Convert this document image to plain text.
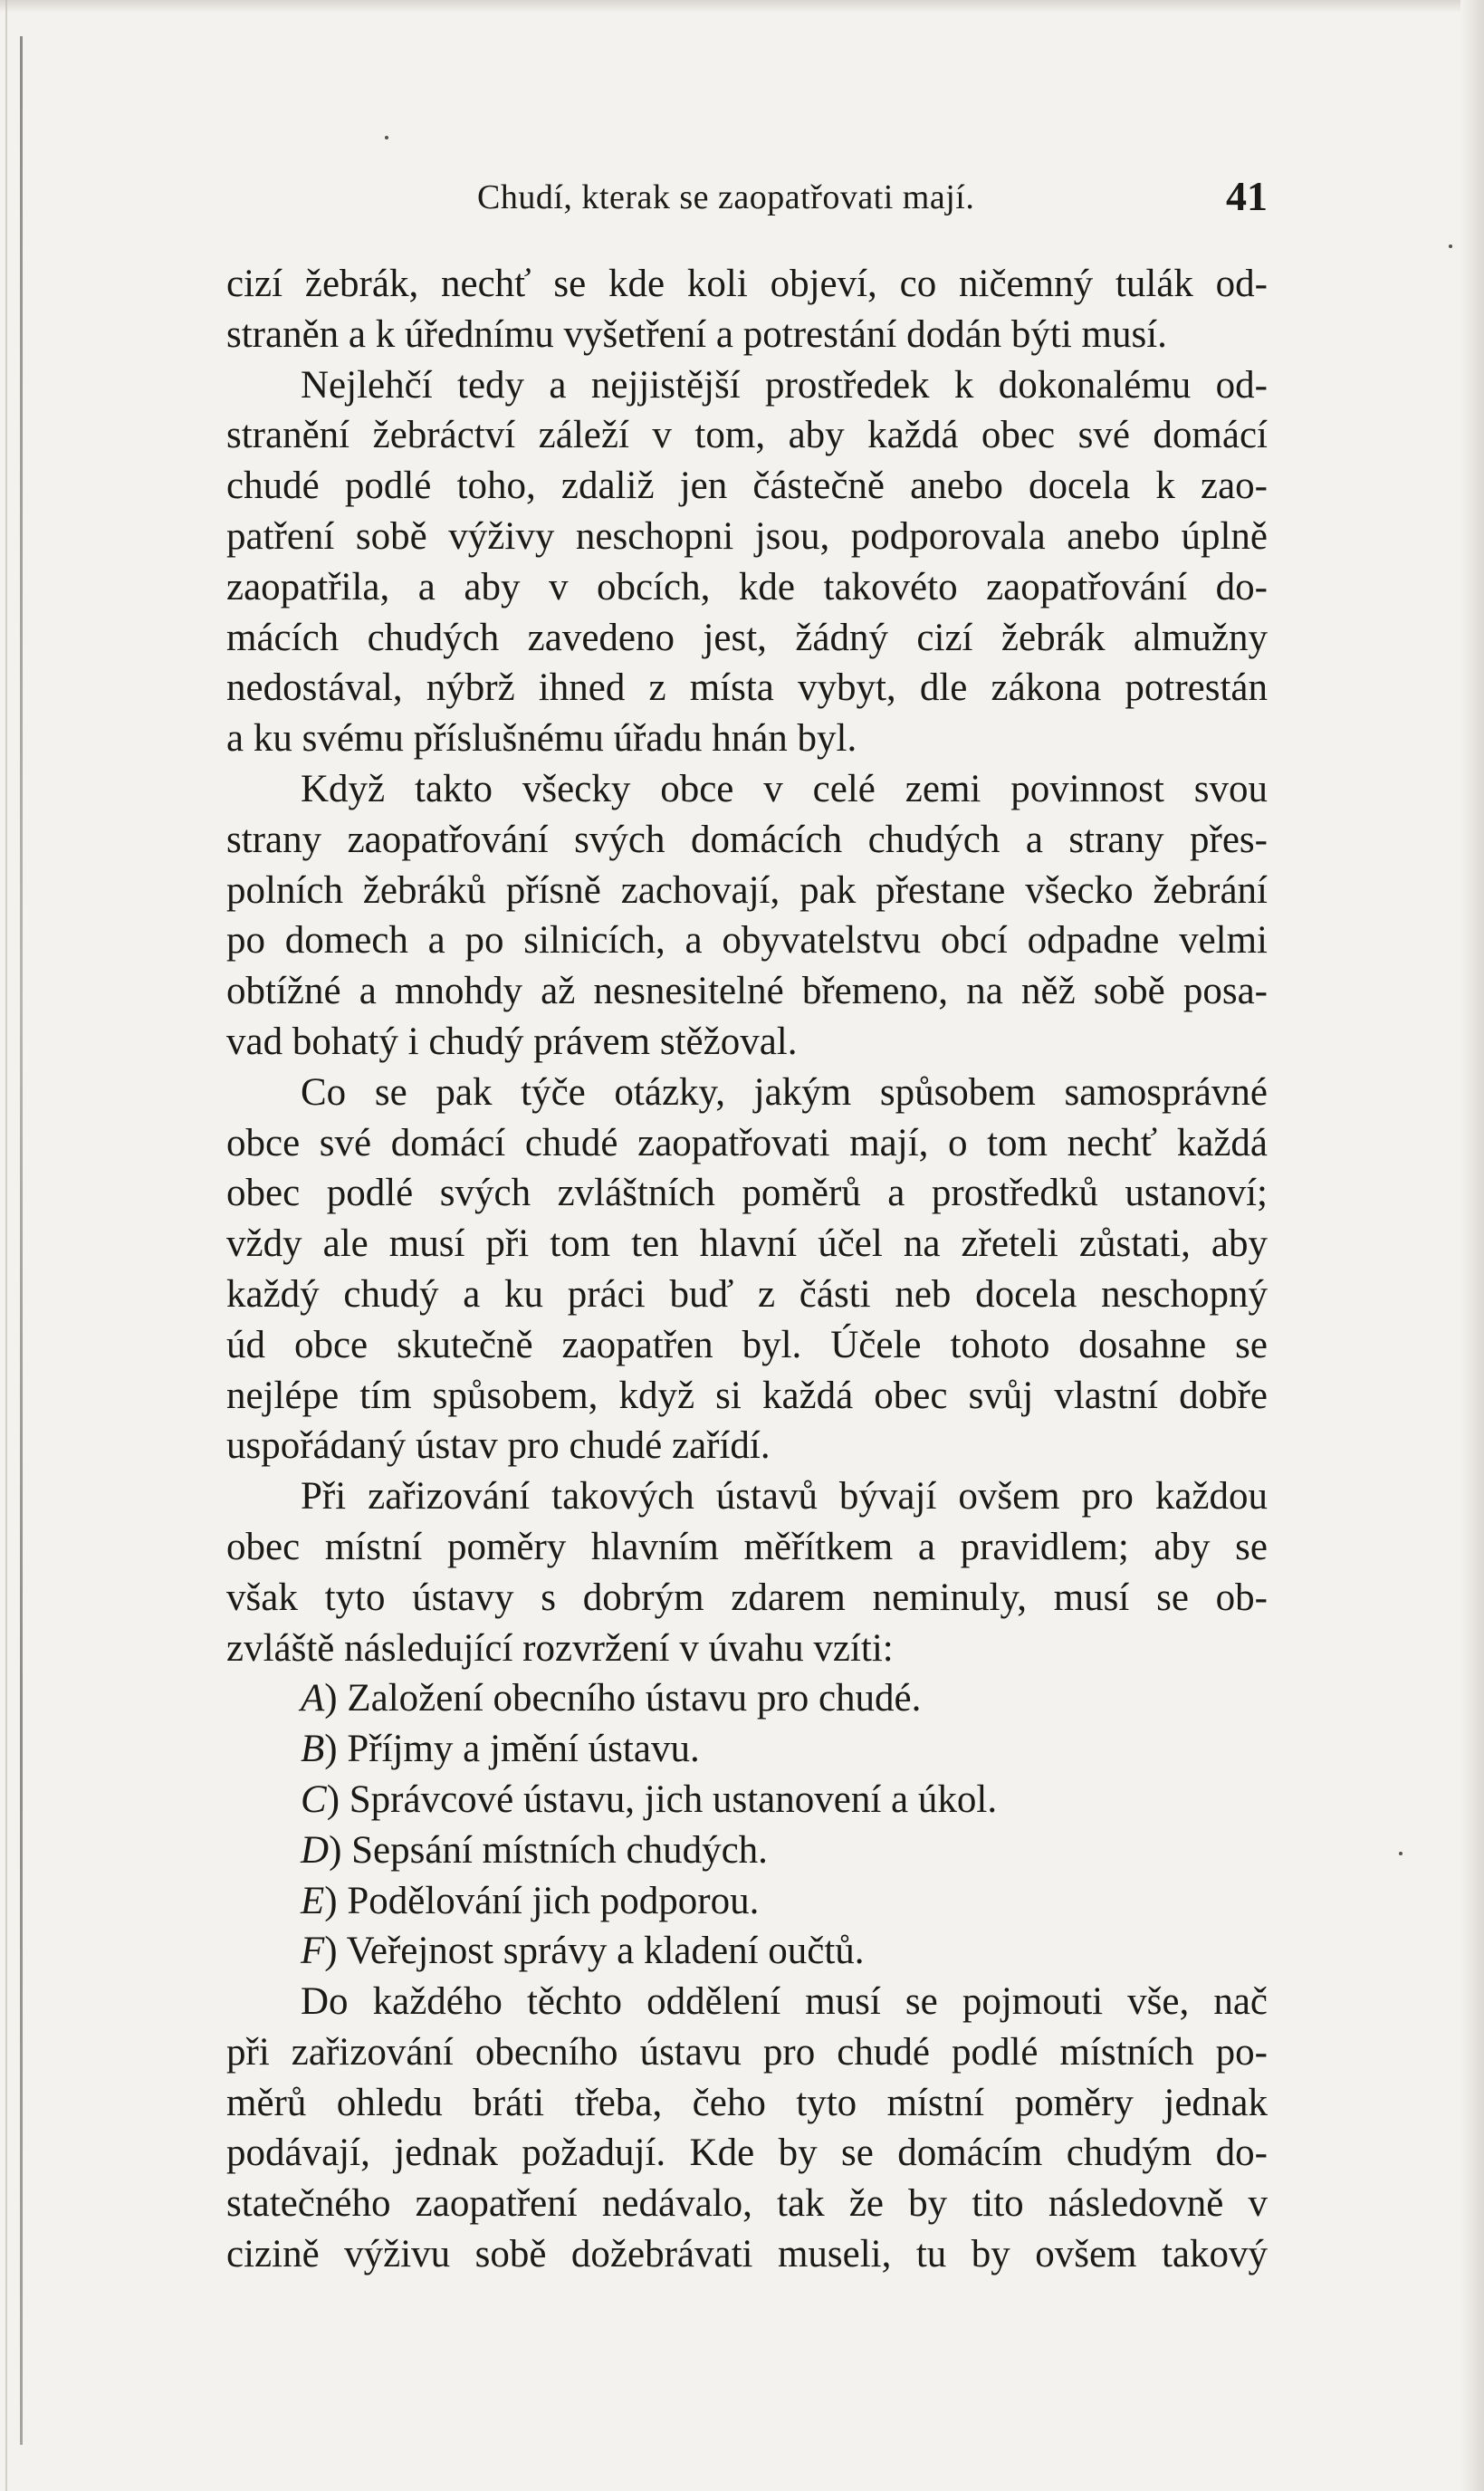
Chudí, kterak se zaopatřovati mají.	41
cizí žebrák, nechť se kde koli objeví, co ničemný tulák od-
straněn a k úřednímu vyšetření a potrestání dodán býti musí.
Nejlehčí tedy a nejjistější prostředek k dokonalému od-
stranění žebráctví záleží v tom, aby každá obec své domácí
chudé podlé toho, zdaliž jen částečně anebo docela k zao-
patření sobě výživy neschopni jsou, podporovala anebo úplně
zaopatřila, a aby v obcích, kde takovéto zaopatřování do-
mácích chudých zavedeno jest, žádný cizí žebrák almužny
nedostával, nýbrž ihned z místa vybyt, dle zákona potrestán
a ku svému příslušnému úřadu hnán byl.
Když takto všecky obce v celé zemi povinnost svou
strany zaopatřování svých domácích chudých a strany přes-
polních žebráků přísně zachovají, pak přestane všecko žebrání
po domech a po silnicích, a obyvatelstvu obcí odpadne velmi
obtížné a mnohdy až nesnesitelné břemeno, na něž sobě posa-
vad bohatý i chudý právem stěžoval.
Co se pak týče otázky, jakým spůsobem samosprávné
obce své domácí chudé zaopatřovati mají, o tom nechť každá
obec podlé svých zvláštních poměrů a prostředků ustanoví;
vždy ale musí při tom ten hlavní účel na zřeteli zůstati, aby
každý chudý a ku práci buď z části neb docela neschopný
úd obce skutečně zaopatřen byl. Účele tohoto dosahne se
nejlépe tím spůsobem, když si každá obec svůj vlastní dobře
uspořádaný ústav pro chudé zařídí.
Při zařizování takových ústavů bývají ovšem pro každou
obec místní poměry hlavním měřítkem a pravidlem; aby se
však tyto ústavy s dobrým zdarem neminuly, musí se ob-
zvláště následující rozvržení v úvahu vzíti:
A) Založení obecního ústavu pro chudé.
B) Příjmy a jmění ústavu.
C) Správcové ústavu, jich ustanovení a úkol.
D) Sepsání místních chudých.
E) Podělování jich podporou.
F) Veřejnost správy a kladení oučtů.
Do každého těchto oddělení musí se pojmouti vše, nač
při zařizování obecního ústavu pro chudé podlé místních po-
měrů ohledu bráti třeba, čeho tyto místní poměry jednak
podávají, jednak požadují. Kde by se domácím chudým do-
statečného zaopatření nedávalo, tak že by tito následovně v
cizině výživu sobě dožebrávati museli, tu by ovšem takový
